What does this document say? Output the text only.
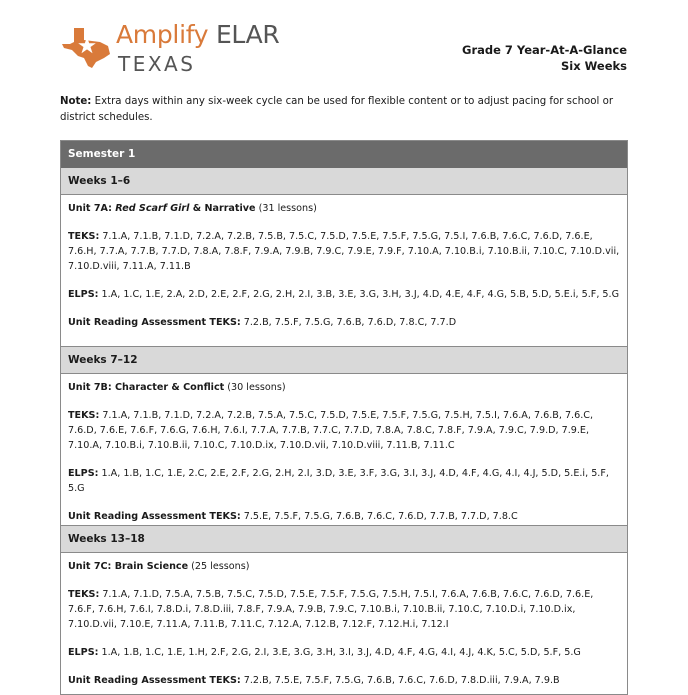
Amplify ELAR
TEXAS
Grade 7 Year-At-A-Glance
Six Weeks
Note: Extra days within any six-week cycle can be used for flexible content or to adjust pacing for school or district schedules.
Semester 1
Weeks 1–6

Unit 7A: Red Scarf Girl & Narrative (31 lessons)

TEKS: 7.1.A, 7.1.B, 7.1.D, 7.2.A, 7.2.B, 7.5.B, 7.5.C, 7.5.D, 7.5.E, 7.5.F, 7.5.G, 7.5.I, 7.6.B, 7.6.C, 7.6.D, 7.6.E, 7.6.H, 7.7.A, 7.7.B, 7.7.D, 7.8.A, 7.8.F, 7.9.A, 7.9.B, 7.9.C, 7.9.E, 7.9.F, 7.10.A, 7.10.B.i, 7.10.B.ii, 7.10.C, 7.10.D.vii, 7.10.D.viii, 7.11.A, 7.11.B

ELPS: 1.A, 1.C, 1.E, 2.A, 2.D, 2.E, 2.F, 2.G, 2.H, 2.I, 3.B, 3.E, 3.G, 3.H, 3.J, 4.D, 4.E, 4.F, 4.G, 5.B, 5.D, 5.E.i, 5.F, 5.G

Unit Reading Assessment TEKS: 7.2.B, 7.5.F, 7.5.G, 7.6.B, 7.6.D, 7.8.C, 7.7.D

Weeks 7–12

Unit 7B: Character & Conflict (30 lessons)

TEKS: 7.1.A, 7.1.B, 7.1.D, 7.2.A, 7.2.B, 7.5.A, 7.5.C, 7.5.D, 7.5.E, 7.5.F, 7.5.G, 7.5.H, 7.5.I, 7.6.A, 7.6.B, 7.6.C, 7.6.D, 7.6.E, 7.6.F, 7.6.G, 7.6.H, 7.6.I, 7.7.A, 7.7.B, 7.7.C, 7.7.D, 7.8.A, 7.8.C, 7.8.F, 7.9.A, 7.9.C, 7.9.D, 7.9.E, 7.10.A, 7.10.B.i, 7.10.B.ii, 7.10.C, 7.10.D.ix, 7.10.D.vii, 7.10.D.viii, 7.11.B, 7.11.C

ELPS: 1.A, 1.B, 1.C, 1.E, 2.C, 2.E, 2.F, 2.G, 2.H, 2.I, 3.D, 3.E, 3.F, 3.G, 3.I, 3.J, 4.D, 4.F, 4.G, 4.I, 4.J, 5.D, 5.E.i, 5.F, 5.G

Unit Reading Assessment TEKS: 7.5.E, 7.5.F, 7.5.G, 7.6.B, 7.6.C, 7.6.D, 7.7.B, 7.7.D, 7.8.C

Weeks 13–18

Unit 7C: Brain Science (25 lessons)

TEKS: 7.1.A, 7.1.D, 7.5.A, 7.5.B, 7.5.C, 7.5.D, 7.5.E, 7.5.F, 7.5.G, 7.5.H, 7.5.I, 7.6.A, 7.6.B, 7.6.C, 7.6.D, 7.6.E, 7.6.F, 7.6.H, 7.6.I, 7.8.D.i, 7.8.D.iii, 7.8.F, 7.9.A, 7.9.B, 7.9.C, 7.10.B.i, 7.10.B.ii, 7.10.C, 7.10.D.i, 7.10.D.ix, 7.10.D.vii, 7.10.E, 7.11.A, 7.11.B, 7.11.C, 7.12.A, 7.12.B, 7.12.F, 7.12.H.i, 7.12.I

ELPS: 1.A, 1.B, 1.C, 1.E, 1.H, 2.F, 2.G, 2.I, 3.E, 3.G, 3.H, 3.I, 3.J, 4.D, 4.F, 4.G, 4.I, 4.J, 4.K, 5.C, 5.D, 5.F, 5.G

Unit Reading Assessment TEKS: 7.2.B, 7.5.E, 7.5.F, 7.5.G, 7.6.B, 7.6.C, 7.6.D, 7.8.D.iii, 7.9.A, 7.9.B
